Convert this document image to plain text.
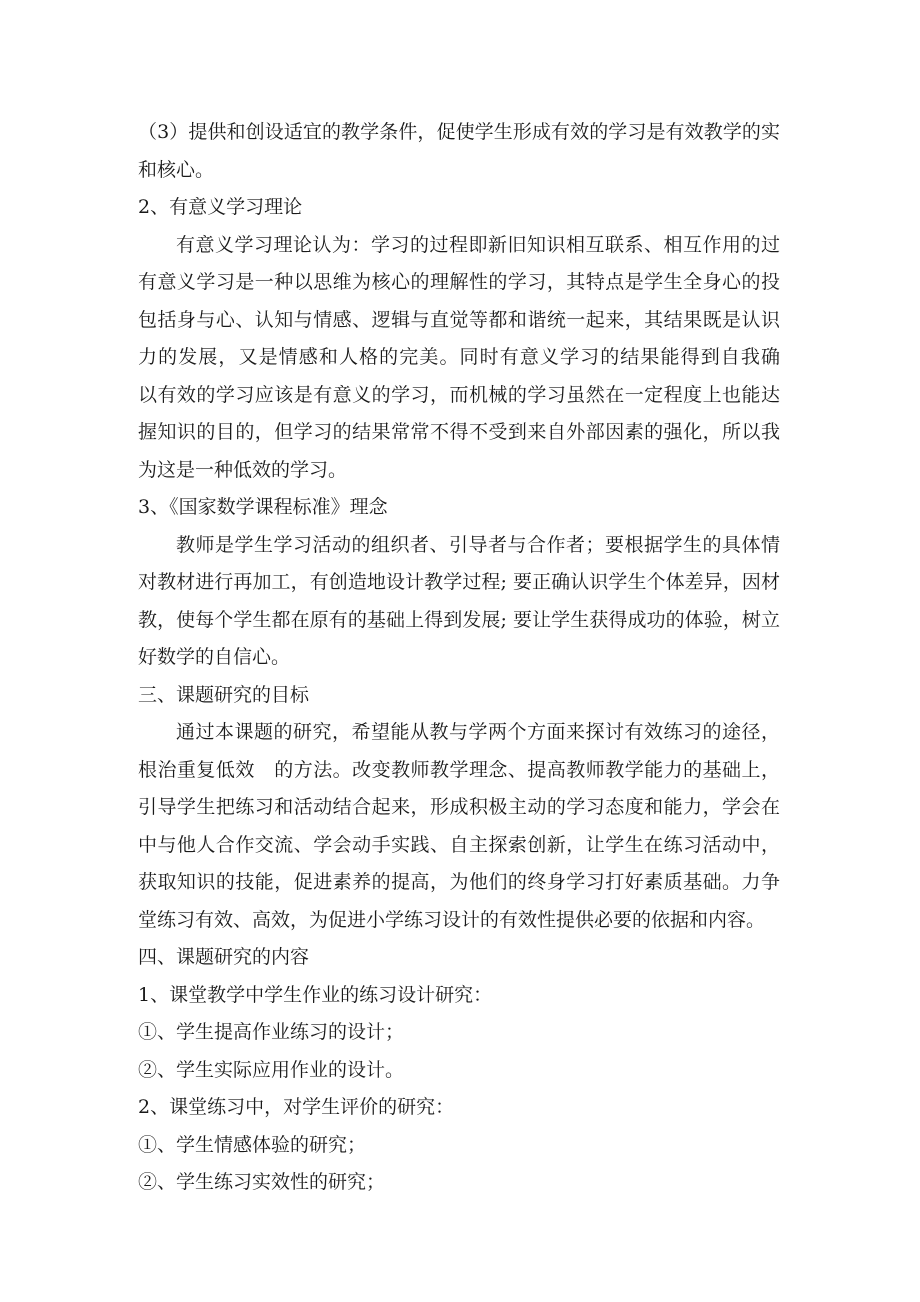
（3）提供和创设适宜的教学条件，促使学生形成有效的学习是有效教学的实
和核心。
2、有意义学习理论
有意义学习理论认为：学习的过程即新旧知识相互联系、相互作用的过
有意义学习是一种以思维为核心的理解性的学习，其特点是学生全身心的投
包括身与心、认知与情感、逻辑与直觉等都和谐统一起来，其结果既是认识
力的发展，又是情感和人格的完美。同时有意义学习的结果能得到自我确
以有效的学习应该是有意义的学习，而机械的学习虽然在一定程度上也能达
握知识的目的，但学习的结果常常不得不受到来自外部因素的强化，所以我
为这是一种低效的学习。
3、《国家数学课程标准》理念
教师是学生学习活动的组织者、引导者与合作者；要根据学生的具体情
对教材进行再加工，有创造地设计教学过程; 要正确认识学生个体差异，因材
教，使每个学生都在原有的基础上得到发展; 要让学生获得成功的体验，树立
好数学的自信心。
三、课题研究的目标
通过本课题的研究，希望能从教与学两个方面来探讨有效练习的途径，
根治重复低效　的方法。改变教师教学理念、提高教师教学能力的基础上，
引导学生把练习和活动结合起来，形成积极主动的学习态度和能力，学会在
中与他人合作交流、学会动手实践、自主探索创新，让学生在练习活动中，
获取知识的技能，促进素养的提高，为他们的终身学习打好素质基础。力争
堂练习有效、高效，为促进小学练习设计的有效性提供必要的依据和内容。
四、课题研究的内容
1、课堂教学中学生作业的练习设计研究：
①、学生提高作业练习的设计；
②、学生实际应用作业的设计。
2、课堂练习中，对学生评价的研究：
①、学生情感体验的研究；
②、学生练习实效性的研究；
